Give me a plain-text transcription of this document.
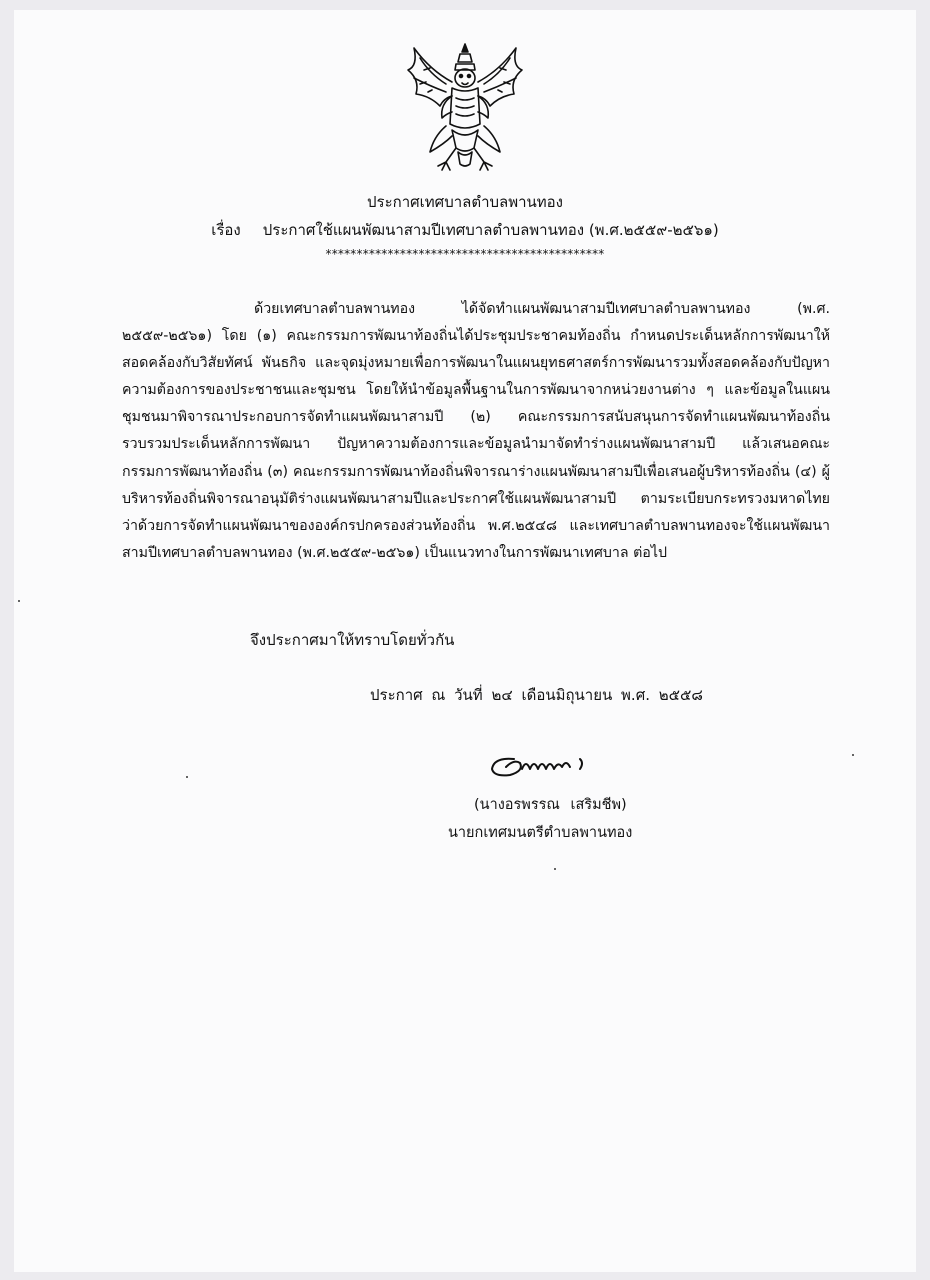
ประกาศเทศบาลตำบลพานทอง
เรื่อง ประกาศใช้แผนพัฒนาสามปีเทศบาลตำบลพานทอง (พ.ศ.๒๕๕๙-๒๕๖๑)
*********************************************

ด้วยเทศบาลตำบลพานทอง ได้จัดทำแผนพัฒนาสามปีเทศบาลตำบลพานทอง (พ.ศ. ๒๕๕๙-๒๕๖๑) โดย (๑) คณะกรรมการพัฒนาท้องถิ่นได้ประชุมประชาคมท้องถิ่น กำหนดประเด็นหลักการพัฒนาให้สอดคล้องกับวิสัยทัศน์ พันธกิจ และจุดมุ่งหมายเพื่อการพัฒนาในแผนยุทธศาสตร์การพัฒนารวมทั้งสอดคล้องกับปัญหา ความต้องการของประชาชนและชุมชน โดยให้นำข้อมูลพื้นฐานในการพัฒนาจากหน่วยงานต่าง ๆ และข้อมูลในแผนชุมชนมาพิจารณาประกอบการจัดทำแผนพัฒนาสามปี (๒) คณะกรรมการสนับสนุนการจัดทำแผนพัฒนาท้องถิ่นรวบรวมประเด็นหลักการพัฒนา ปัญหาความต้องการและข้อมูลนำมาจัดทำร่างแผนพัฒนาสามปี แล้วเสนอคณะกรรมการพัฒนาท้องถิ่น (๓) คณะกรรมการพัฒนาท้องถิ่นพิจารณาร่างแผนพัฒนาสามปีเพื่อเสนอผู้บริหารท้องถิ่น (๔) ผู้บริหารท้องถิ่นพิจารณาอนุมัติร่างแผนพัฒนาสามปีและประกาศใช้แผนพัฒนาสามปี ตามระเบียบกระทรวงมหาดไทย ว่าด้วยการจัดทำแผนพัฒนาขององค์กรปกครองส่วนท้องถิ่น พ.ศ.๒๕๔๘ และเทศบาลตำบลพานทองจะใช้แผนพัฒนาสามปีเทศบาลตำบลพานทอง (พ.ศ.๒๕๕๙-๒๕๖๑) เป็นแนวทางในการพัฒนาเทศบาล ต่อไป

จึงประกาศมาให้ทราบโดยทั่วกัน
ประกาศ ณ วันที่ ๒๔ เดือนมิถุนายน พ.ศ. ๒๕๕๘
(นางอรพรรณ เสริมชีพ)
นายกเทศมนตรีตำบลพานทอง
